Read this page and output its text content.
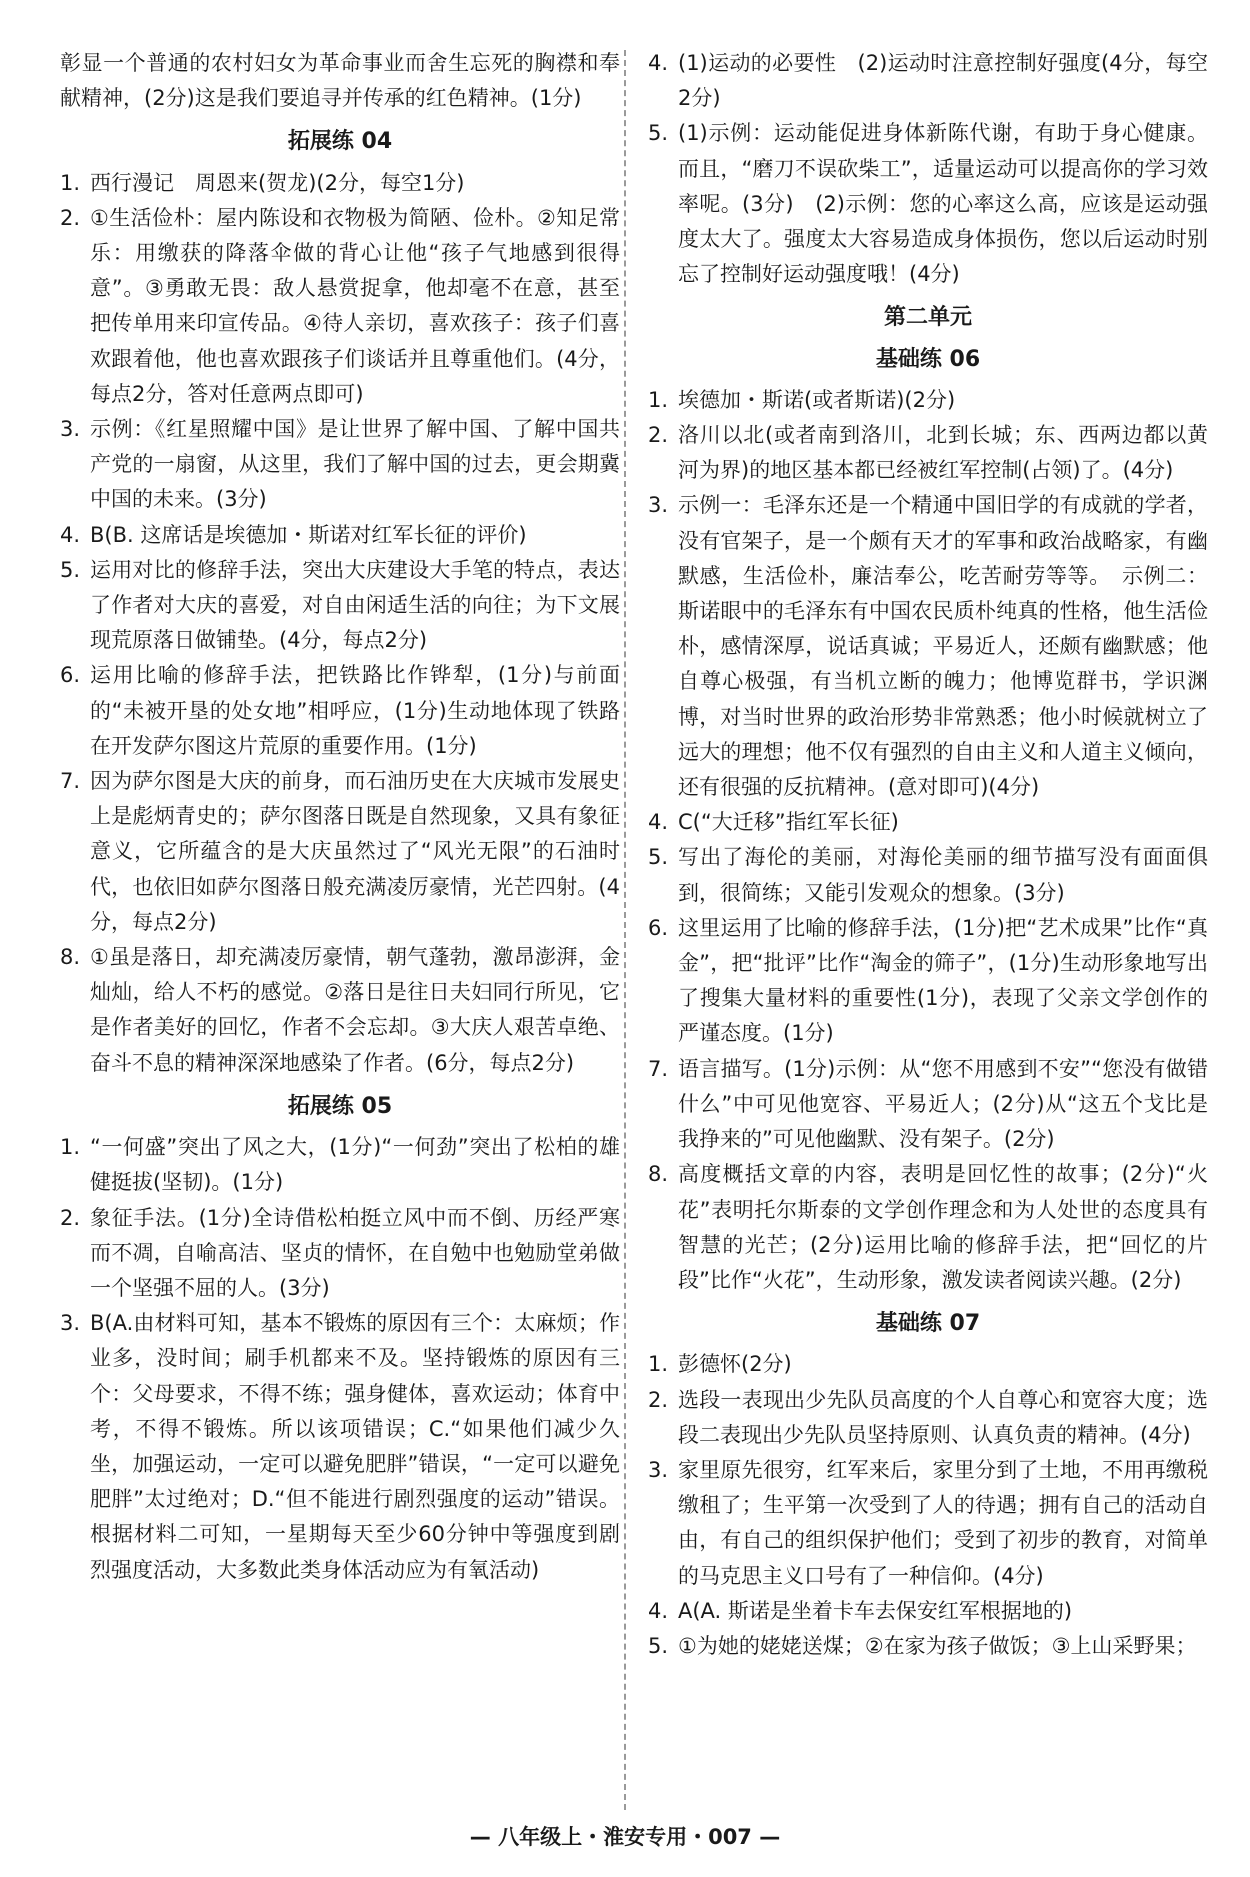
彰显一个普通的农村妇女为革命事业而舍生忘死的胸襟和奉献精神，(2分)这是我们要追寻并传承的红色精神。(1分)
拓展练 04
1. 西行漫记　周恩来(贺龙)(2分，每空1分)
2. ①生活俭朴：屋内陈设和衣物极为简陋、俭朴。②知足常乐：用缴获的降落伞做的背心让他“孩子气地感到很得意”。③勇敢无畏：敌人悬赏捉拿，他却毫不在意，甚至把传单用来印宣传品。④待人亲切，喜欢孩子：孩子们喜欢跟着他，他也喜欢跟孩子们谈话并且尊重他们。(4分，每点2分，答对任意两点即可)
3. 示例：《红星照耀中国》是让世界了解中国、了解中国共产党的一扇窗，从这里，我们了解中国的过去，更会期冀中国的未来。(3分)
4. B(B. 这席话是埃德加・斯诺对红军长征的评价)
5. 运用对比的修辞手法，突出大庆建设大手笔的特点，表达了作者对大庆的喜爱，对自由闲适生活的向往；为下文展现荒原落日做铺垫。(4分，每点2分)
6. 运用比喻的修辞手法，把铁路比作铧犁，(1分)与前面的“未被开垦的处女地”相呼应，(1分)生动地体现了铁路在开发萨尔图这片荒原的重要作用。(1分)
7. 因为萨尔图是大庆的前身，而石油历史在大庆城市发展史上是彪炳青史的；萨尔图落日既是自然现象，又具有象征意义，它所蕴含的是大庆虽然过了“风光无限”的石油时代，也依旧如萨尔图落日般充满凌厉豪情，光芒四射。(4分，每点2分)
8. ①虽是落日，却充满凌厉豪情，朝气蓬勃，激昂澎湃，金灿灿，给人不朽的感觉。②落日是往日夫妇同行所见，它是作者美好的回忆，作者不会忘却。③大庆人艰苦卓绝、奋斗不息的精神深深地感染了作者。(6分，每点2分)
拓展练 05
1. “一何盛”突出了风之大，(1分)“一何劲”突出了松柏的雄健挺拔(坚韧)。(1分)
2. 象征手法。(1分)全诗借松柏挺立风中而不倒、历经严寒而不凋，自喻高洁、坚贞的情怀，在自勉中也勉励堂弟做一个坚强不屈的人。(3分)
3. B(A.由材料可知，基本不锻炼的原因有三个：太麻烦；作业多，没时间；刷手机都来不及。坚持锻炼的原因有三个：父母要求，不得不练；强身健体，喜欢运动；体育中考，不得不锻炼。所以该项错误；C.“如果他们减少久坐，加强运动，一定可以避免肥胖”错误，“一定可以避免肥胖”太过绝对；D.“但不能进行剧烈强度的运动”错误。根据材料二可知，一星期每天至少60分钟中等强度到剧烈强度活动，大多数此类身体活动应为有氧活动)
4. (1)运动的必要性　(2)运动时注意控制好强度(4分，每空2分)
5. (1)示例：运动能促进身体新陈代谢，有助于身心健康。而且，“磨刀不误砍柴工”，适量运动可以提高你的学习效率呢。(3分)　(2)示例：您的心率这么高，应该是运动强度太大了。强度太大容易造成身体损伤，您以后运动时别忘了控制好运动强度哦！(4分)
第二单元
基础练 06
1. 埃德加・斯诺(或者斯诺)(2分)
2. 洛川以北(或者南到洛川，北到长城；东、西两边都以黄河为界)的地区基本都已经被红军控制(占领)了。(4分)
3. 示例一：毛泽东还是一个精通中国旧学的有成就的学者，没有官架子，是一个颇有天才的军事和政治战略家，有幽默感，生活俭朴，廉洁奉公，吃苦耐劳等等。　示例二：斯诺眼中的毛泽东有中国农民质朴纯真的性格，他生活俭朴，感情深厚，说话真诚；平易近人，还颇有幽默感；他自尊心极强，有当机立断的魄力；他博览群书，学识渊博，对当时世界的政治形势非常熟悉；他小时候就树立了远大的理想；他不仅有强烈的自由主义和人道主义倾向，还有很强的反抗精神。(意对即可)(4分)
4. C(“大迁移”指红军长征)
5. 写出了海伦的美丽，对海伦美丽的细节描写没有面面俱到，很简练；又能引发观众的想象。(3分)
6. 这里运用了比喻的修辞手法，(1分)把“艺术成果”比作“真金”，把“批评”比作“淘金的筛子”，(1分)生动形象地写出了搜集大量材料的重要性(1分)，表现了父亲文学创作的严谨态度。(1分)
7. 语言描写。(1分)示例：从“您不用感到不安”“您没有做错什么”中可见他宽容、平易近人；(2分)从“这五个戈比是我挣来的”可见他幽默、没有架子。(2分)
8. 高度概括文章的内容，表明是回忆性的故事；(2分)“火花”表明托尔斯泰的文学创作理念和为人处世的态度具有智慧的光芒；(2分)运用比喻的修辞手法，把“回忆的片段”比作“火花”，生动形象，激发读者阅读兴趣。(2分)
基础练 07
1. 彭德怀(2分)
2. 选段一表现出少先队员高度的个人自尊心和宽容大度；选段二表现出少先队员坚持原则、认真负责的精神。(4分)
3. 家里原先很穷，红军来后，家里分到了土地，不用再缴税缴租了；生平第一次受到了人的待遇；拥有自己的活动自由，有自己的组织保护他们；受到了初步的教育，对简单的马克思主义口号有了一种信仰。(4分)
4. A(A. 斯诺是坐着卡车去保安红军根据地的)
5. ①为她的姥姥送煤；②在家为孩子做饭；③上山采野果；
— 八年级上・淮安专用・007 —
